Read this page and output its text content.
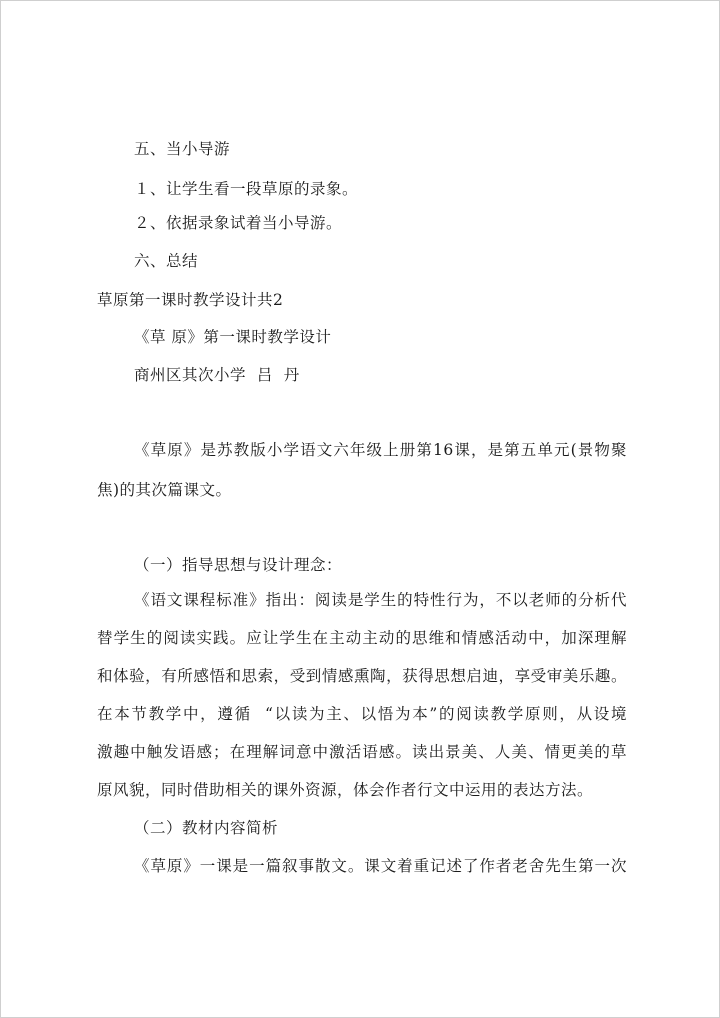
五、当小导游
１、让学生看一段草原的录象。
２、依据录象试着当小导游。
六、总结
草原第一课时教学设计共2
《草 原》第一课时教学设计
商州区其次小学  吕  丹
《草原》是苏教版小学语文六年级上册第16课，是第五单元(景物聚
焦)的其次篇课文。
（一）指导思想与设计理念：
《语文课程标准》指出：阅读是学生的特性行为，不以老师的分析代
替学生的阅读实践。应让学生在主动主动的思维和情感活动中，加深理解
和体验，有所感悟和思索，受到情感熏陶，获得思想启迪，享受审美乐趣。
在本节教学中，遵循  “以读为主、以悟为本”的阅读教学原则，从设境
激趣中触发语感；在理解词意中激活语感。读出景美、人美、情更美的草
原风貌，同时借助相关的课外资源，体会作者行文中运用的表达方法。
（二）教材内容简析
《草原》一课是一篇叙事散文。课文着重记述了作者老舍先生第一次
